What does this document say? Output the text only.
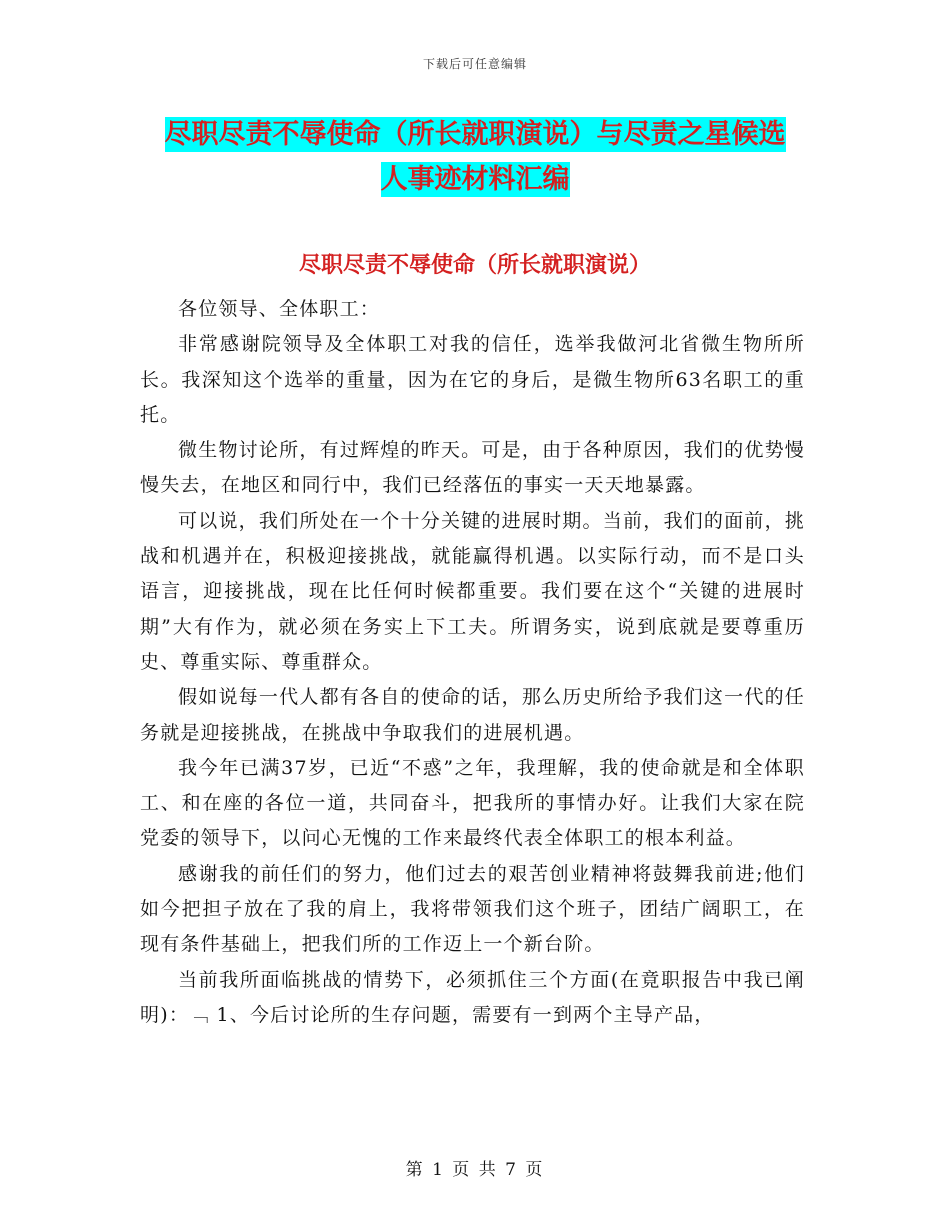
下载后可任意编辑
尽职尽责不辱使命（所长就职演说）与尽责之星候选
人事迹材料汇编
尽职尽责不辱使命（所长就职演说）

各位领导、全体职工：

非常感谢院领导及全体职工对我的信任，选举我做河北省微生物所所长。我深知这个选举的重量，因为在它的身后，是微生物所63名职工的重托。

微生物讨论所，有过辉煌的昨天。可是，由于各种原因，我们的优势慢慢失去，在地区和同行中，我们已经落伍的事实一天天地暴露。

可以说，我们所处在一个十分关键的进展时期。当前，我们的面前，挑战和机遇并在，积极迎接挑战，就能赢得机遇。以实际行动，而不是口头语言，迎接挑战，现在比任何时候都重要。我们要在这个“关键的进展时期”大有作为，就必须在务实上下工夫。所谓务实，说到底就是要尊重历史、尊重实际、尊重群众。

假如说每一代人都有各自的使命的话，那么历史所给予我们这一代的任务就是迎接挑战，在挑战中争取我们的进展机遇。

我今年已满37岁，已近“不惑”之年，我理解，我的使命就是和全体职工、和在座的各位一道，共同奋斗，把我所的事情办好。让我们大家在院党委的领导下，以问心无愧的工作来最终代表全体职工的根本利益。

感谢我的前任们的努力，他们过去的艰苦创业精神将鼓舞我前进;他们如今把担子放在了我的肩上，我将带领我们这个班子，团结广阔职工，在现有条件基础上，把我们所的工作迈上一个新台阶。

当前我所面临挑战的情势下，必须抓住三个方面(在竟职报告中我已阐明)：﹁ 1、今后讨论所的生存问题，需要有一到两个主导产品，

第 1 页 共 7 页
